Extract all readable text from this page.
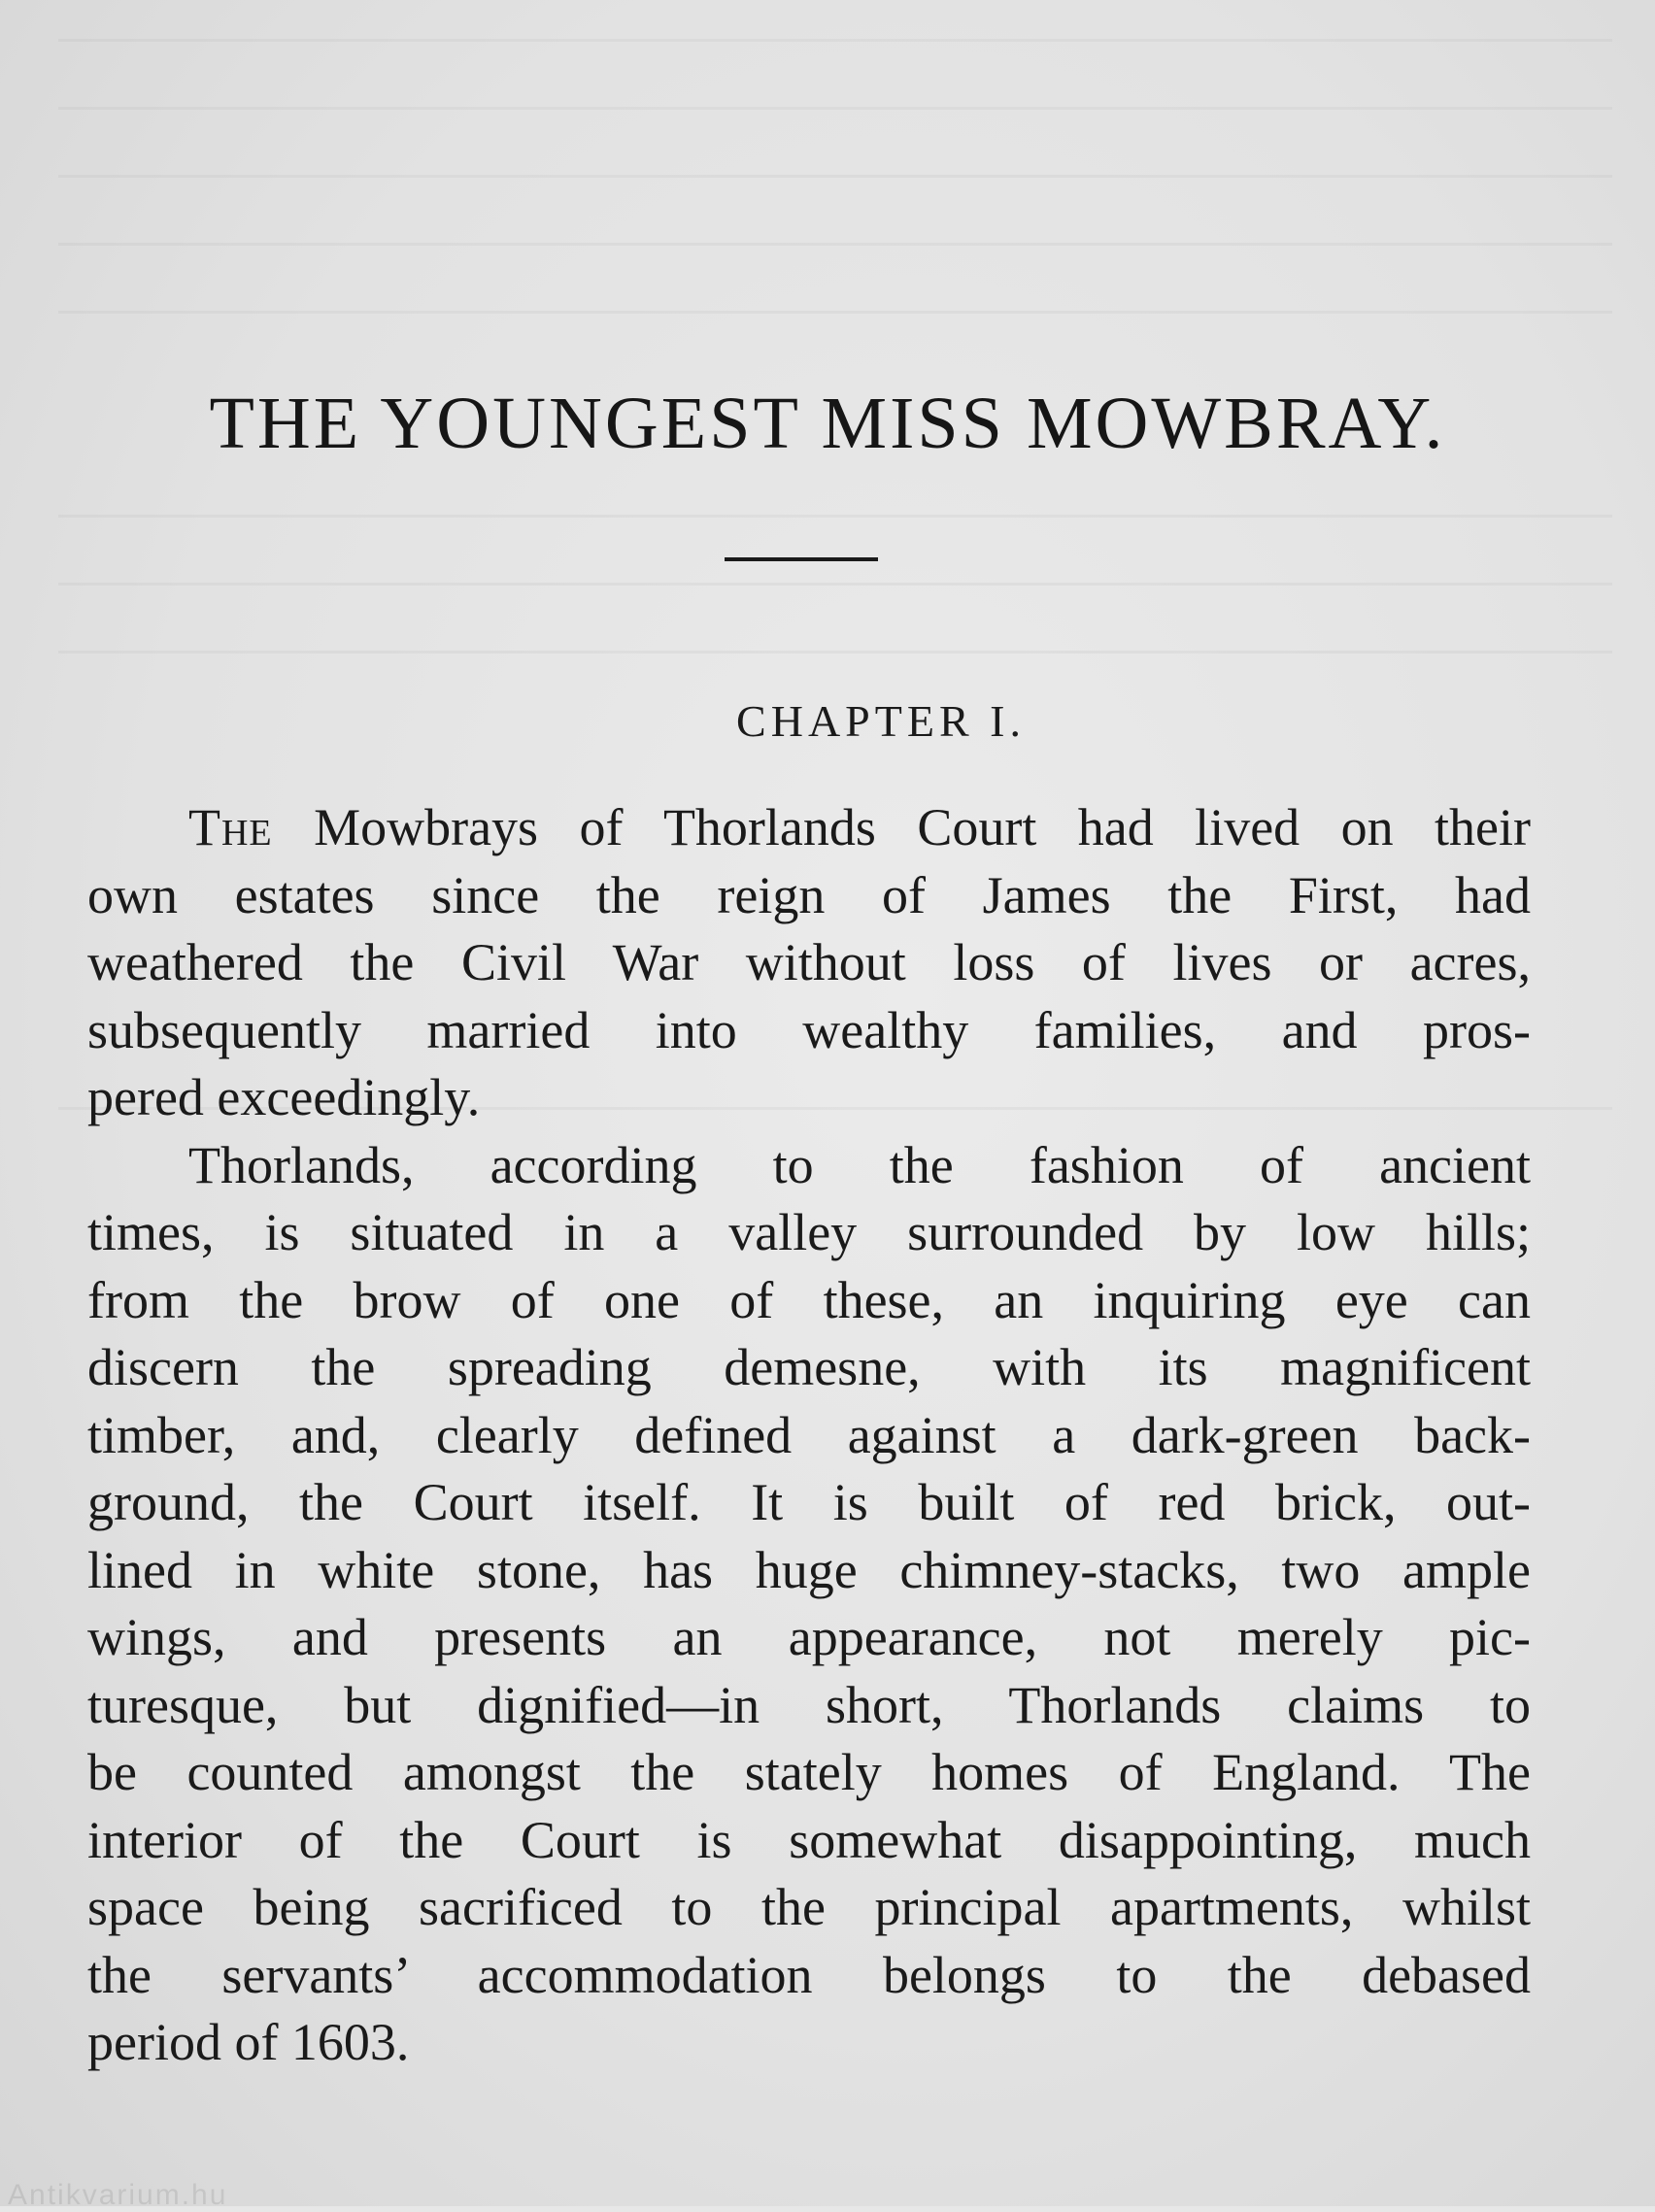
THE YOUNGEST MISS MOWBRAY.
CHAPTER I.
The Mowbrays of Thorlands Court had lived on their
own estates since the reign of James the First, had
weathered the Civil War without loss of lives or acres,
subsequently married into wealthy families, and pros-
pered exceedingly.
Thorlands, according to the fashion of ancient
times, is situated in a valley surrounded by low hills;
from the brow of one of these, an inquiring eye can
discern the spreading demesne, with its magnificent
timber, and, clearly defined against a dark-green back-
ground, the Court itself. It is built of red brick, out-
lined in white stone, has huge chimney-stacks, two ample
wings, and presents an appearance, not merely pic-
turesque, but dignified—in short, Thorlands claims to
be counted amongst the stately homes of England. The
interior of the Court is somewhat disappointing, much
space being sacrificed to the principal apartments, whilst
the servants’ accommodation belongs to the debased
period of 1603.
Antikvarium.hu
